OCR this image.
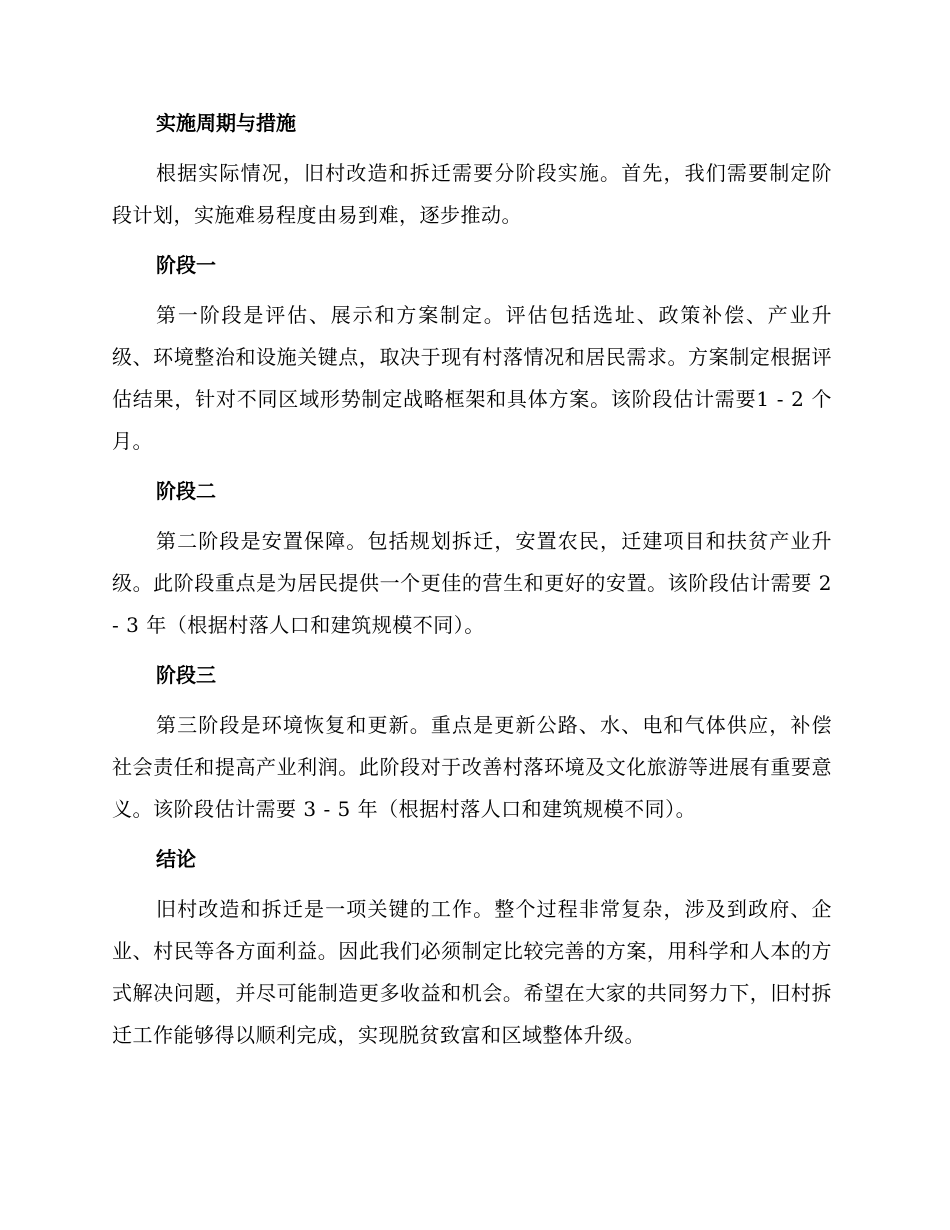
实施周期与措施

根据实际情况，旧村改造和拆迁需要分阶段实施。首先，我们需要制定阶段计划，实施难易程度由易到难，逐步推动。

阶段一

第一阶段是评估、展示和方案制定。评估包括选址、政策补偿、产业升级、环境整治和设施关键点，取决于现有村落情况和居民需求。方案制定根据评估结果，针对不同区域形势制定战略框架和具体方案。该阶段估计需要1 - 2 个月。

阶段二

第二阶段是安置保障。包括规划拆迁，安置农民，迁建项目和扶贫产业升级。此阶段重点是为居民提供一个更佳的营生和更好的安置。该阶段估计需要 2 - 3 年（根据村落人口和建筑规模不同）。

阶段三

第三阶段是环境恢复和更新。重点是更新公路、水、电和气体供应，补偿社会责任和提高产业利润。此阶段对于改善村落环境及文化旅游等进展有重要意义。该阶段估计需要 3 - 5 年（根据村落人口和建筑规模不同）。

结论

旧村改造和拆迁是一项关键的工作。整个过程非常复杂，涉及到政府、企业、村民等各方面利益。因此我们必须制定比较完善的方案，用科学和人本的方式解决问题，并尽可能制造更多收益和机会。希望在大家的共同努力下，旧村拆迁工作能够得以顺利完成，实现脱贫致富和区域整体升级。
